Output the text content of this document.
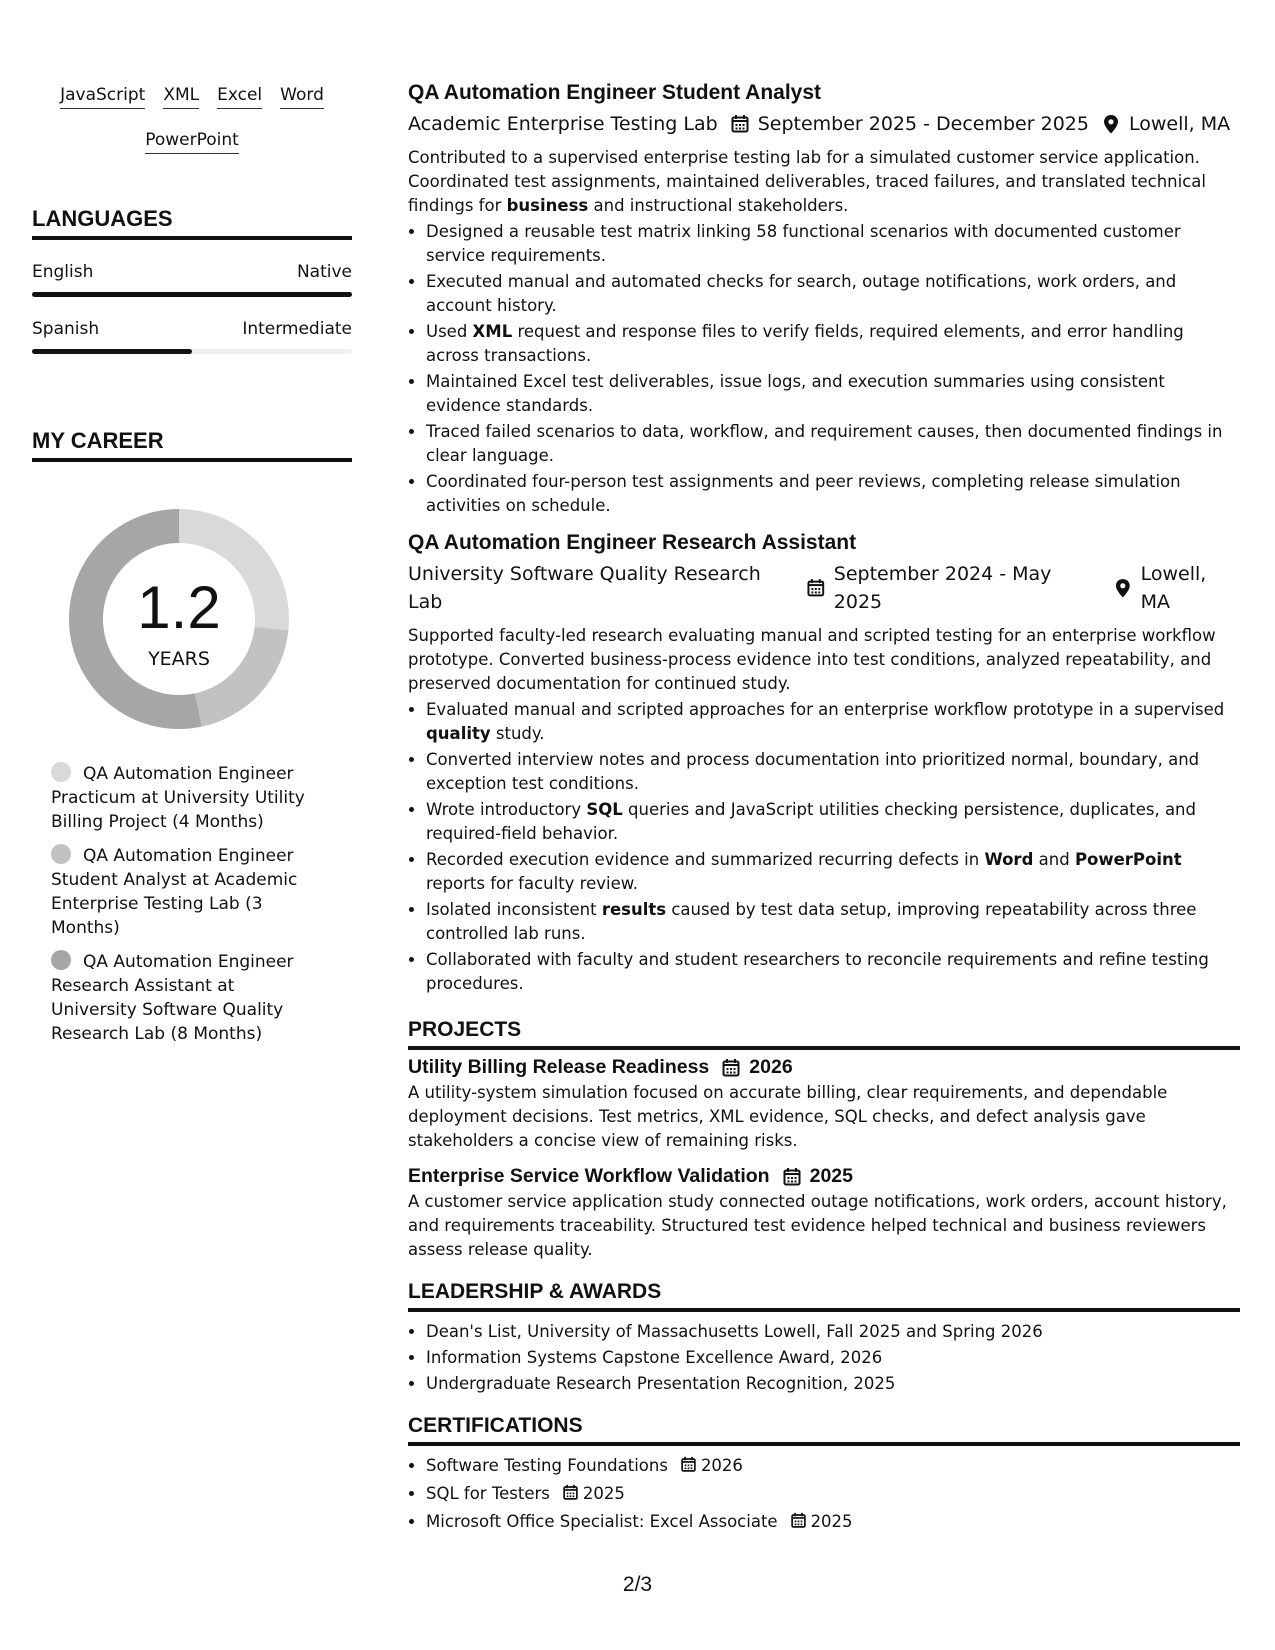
JavaScript XML Excel Word
PowerPoint
LANGUAGES
English	Native
Spanish	Intermediate
MY CAREER
1.2
YEARS
QA Automation Engineer Practicum at University Utility Billing Project (4 Months)
QA Automation Engineer Student Analyst at Academic Enterprise Testing Lab (3 Months)
QA Automation Engineer Research Assistant at University Software Quality Research Lab (8 Months)
QA Automation Engineer Student Analyst
Academic Enterprise Testing Lab September 2025 - December 2025 Lowell, MA

Contributed to a supervised enterprise testing lab for a simulated customer service application. Coordinated test assignments, maintained deliverables, traced failures, and translated technical findings for business and instructional stakeholders.

• Designed a reusable test matrix linking 58 functional scenarios with documented customer service requirements.
• Executed manual and automated checks for search, outage notifications, work orders, and account history.
• Used XML request and response files to verify fields, required elements, and error handling across transactions.
• Maintained Excel test deliverables, issue logs, and execution summaries using consistent evidence standards.
• Traced failed scenarios to data, workflow, and requirement causes, then documented findings in clear language.
• Coordinated four-person test assignments and peer reviews, completing release simulation activities on schedule.
QA Automation Engineer Research Assistant
University Software Quality Research Lab
September 2024 - May 2025
Lowell, MA

Supported faculty-led research evaluating manual and scripted testing for an enterprise workflow prototype. Converted business-process evidence into test conditions, analyzed repeatability, and preserved documentation for continued study.

• Evaluated manual and scripted approaches for an enterprise workflow prototype in a supervised quality study.
• Converted interview notes and process documentation into prioritized normal, boundary, and exception test conditions.
• Wrote introductory SQL queries and JavaScript utilities checking persistence, duplicates, and required-field behavior.
• Recorded execution evidence and summarized recurring defects in Word and PowerPoint reports for faculty review.
• Isolated inconsistent results caused by test data setup, improving repeatability across three controlled lab runs.
• Collaborated with faculty and student researchers to reconcile requirements and refine testing procedures.
PROJECTS
Utility Billing Release Readiness 2026

A utility-system simulation focused on accurate billing, clear requirements, and dependable deployment decisions. Test metrics, XML evidence, SQL checks, and defect analysis gave stakeholders a concise view of remaining risks.

Enterprise Service Workflow Validation 2025

A customer service application study connected outage notifications, work orders, account history, and requirements traceability. Structured test evidence helped technical and business reviewers assess release quality.

LEADERSHIP & AWARDS
• Dean's List, University of Massachusetts Lowell, Fall 2025 and Spring 2026
• Information Systems Capstone Excellence Award, 2026
• Undergraduate Research Presentation Recognition, 2025
CERTIFICATIONS
• Software Testing Foundations 2026
• SQL for Testers 2025
• Microsoft Office Specialist: Excel Associate 2025
2/3
